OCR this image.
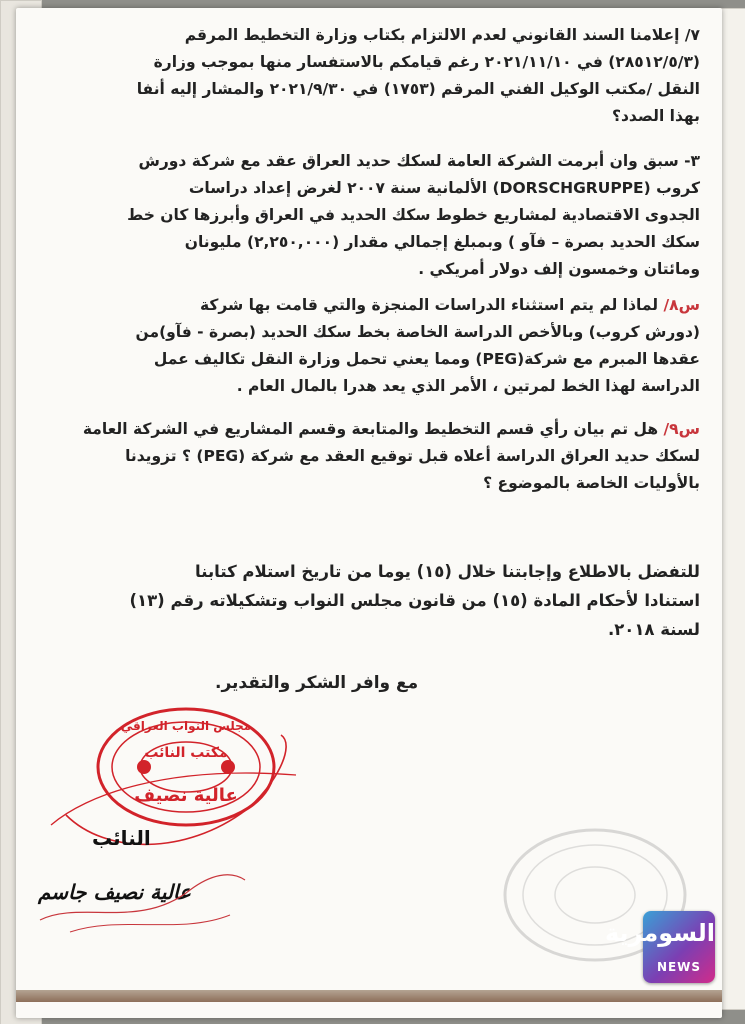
٧/ إعلامنا السند القانوني لعدم الالتزام بكتاب وزارة التخطيط المرقم
(٢٨٥١٢/٥/٣) في ٢٠٢١/١١/١٠ رغم قيامكم بالاستفسار منها بموجب وزارة
النقل /مكتب الوكيل الفني المرقم (١٧٥٣) في ٢٠٢١/٩/٣٠ والمشار إليه أنفا
بهذا الصدد؟
٣- سبق وان أبرمت الشركة العامة لسكك حديد العراق عقد مع شركة دورش
كروب (DORSCHGRUPPE) الألمانية سنة ٢٠٠٧ لغرض إعداد دراسات
الجدوى الاقتصادية لمشاريع خطوط سكك الحديد في العراق وأبرزها كان خط
سكك الحديد بصرة – فآو ) وبمبلغ إجمالي مقدار (٢,٢٥٠,٠٠٠) مليونان
ومائتان وخمسون إلف دولار أمريكي .
س٨/ لماذا لم يتم استثناء الدراسات المنجزة والتي قامت بها شركة
(دورش كروب) وبالأخص الدراسة الخاصة بخط سكك الحديد (بصرة - فآو)من
عقدها المبرم مع شركة(PEG) ومما يعني تحمل وزارة النقل تكاليف عمل
الدراسة لهذا الخط لمرتين ، الأمر الذي يعد هدرا بالمال العام .
س٩/ هل تم بيان رأي قسم التخطيط والمتابعة وقسم المشاريع في الشركة العامة
لسكك حديد العراق الدراسة أعلاه قبل توقيع العقد مع شركة (PEG) ؟ تزويدنا
بالأوليات الخاصة بالموضوع ؟
للتفضل بالاطلاع وإجابتنا خلال (١٥) يوما من تاريخ استلام كتابنا
استنادا لأحكام المادة (١٥) من قانون مجلس النواب وتشكيلاته رقم (١٣)
لسنة ٢٠١٨.
مع وافر الشكر والتقدير.
مجلس النواب العراقي
مكتب النائب
عالية نصيف
النائب
عالية نصيف جاسم
السومرية
NEWS
